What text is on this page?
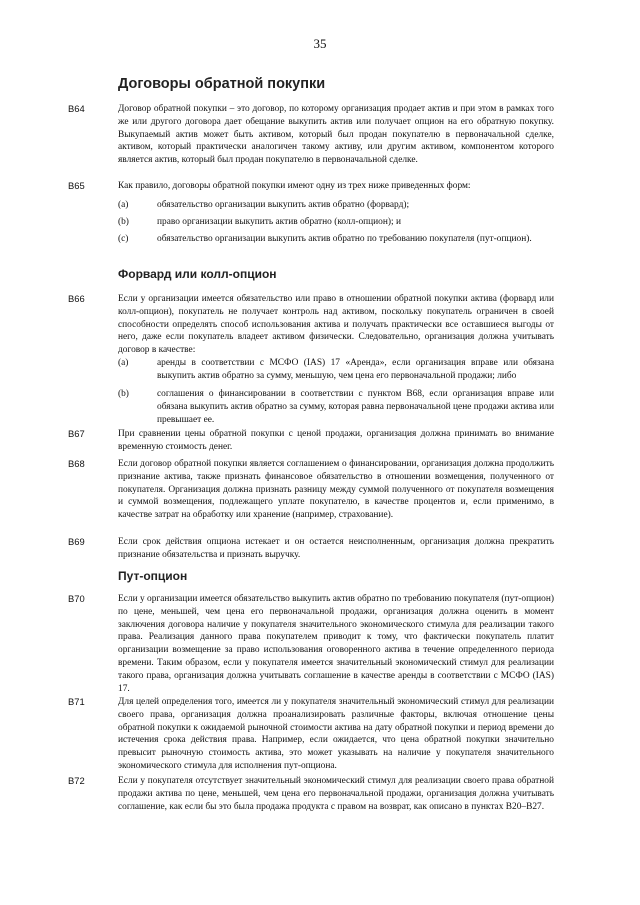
35
Договоры обратной покупки
B64	Договор обратной покупки – это договор, по которому организация продает актив и при этом в рамках того же или другого договора дает обещание выкупить актив или получает опцион на его обратную покупку. Выкупаемый актив может быть активом, который был продан покупателю в первоначальной сделке, активом, который практически аналогичен такому активу, или другим активом, компонентом которого является актив, который был продан покупателю в первоначальной сделке.
B65	Как правило, договоры обратной покупки имеют одну из трех ниже приведенных форм:
(a)	обязательство организации выкупить актив обратно (форвард);
(b)	право организации выкупить актив обратно (колл-опцион); и
(c)	обязательство организации выкупить актив обратно по требованию покупателя (пут-опцион).
Форвард или колл-опцион
B66	Если у организации имеется обязательство или право в отношении обратной покупки актива (форвард или колл-опцион), покупатель не получает контроль над активом, поскольку покупатель ограничен в своей способности определять способ использования актива и получать практически все оставшиеся выгоды от него, даже если покупатель владеет активом физически. Следовательно, организация должна учитывать договор в качестве:
(a)	аренды в соответствии с МСФО (IAS) 17 «Аренда», если организация вправе или обязана выкупить актив обратно за сумму, меньшую, чем цена его первоначальной продажи; либо
(b)	соглашения о финансировании в соответствии с пунктом B68, если организация вправе или обязана выкупить актив обратно за сумму, которая равна первоначальной цене продажи актива или превышает ее.
B67	При сравнении цены обратной покупки с ценой продажи, организация должна принимать во внимание временную стоимость денег.
B68	Если договор обратной покупки является соглашением о финансировании, организация должна продолжить признание актива, также признать финансовое обязательство в отношении возмещения, полученного от покупателя. Организация должна признать разницу между суммой полученного от покупателя возмещения и суммой возмещения, подлежащего уплате покупателю, в качестве процентов и, если применимо, в качестве затрат на обработку или хранение (например, страхование).
B69	Если срок действия опциона истекает и он остается неисполненным, организация должна прекратить признание обязательства и признать выручку.
Пут-опцион
B70	Если у организации имеется обязательство выкупить актив обратно по требованию покупателя (пут-опцион) по цене, меньшей, чем цена его первоначальной продажи, организация должна оценить в момент заключения договора наличие у покупателя значительного экономического стимула для реализации такого права. Реализация данного права покупателем приводит к тому, что фактически покупатель платит организации возмещение за право использования оговоренного актива в течение определенного периода времени. Таким образом, если у покупателя имеется значительный экономический стимул для реализации такого права, организация должна учитывать соглашение в качестве аренды в соответствии с МСФО (IAS) 17.
B71	Для целей определения того, имеется ли у покупателя значительный экономический стимул для реализации своего права, организация должна проанализировать различные факторы, включая отношение цены обратной покупки к ожидаемой рыночной стоимости актива на дату обратной покупки и период времени до истечения срока действия права. Например, если ожидается, что цена обратной покупки значительно превысит рыночную стоимость актива, это может указывать на наличие у покупателя значительного экономического стимула для исполнения пут-опциона.
B72	Если у покупателя отсутствует значительный экономический стимул для реализации своего права обратной продажи актива по цене, меньшей, чем цена его первоначальной продажи, организация должна учитывать соглашение, как если бы это была продажа продукта с правом на возврат, как описано в пунктах B20–B27.
